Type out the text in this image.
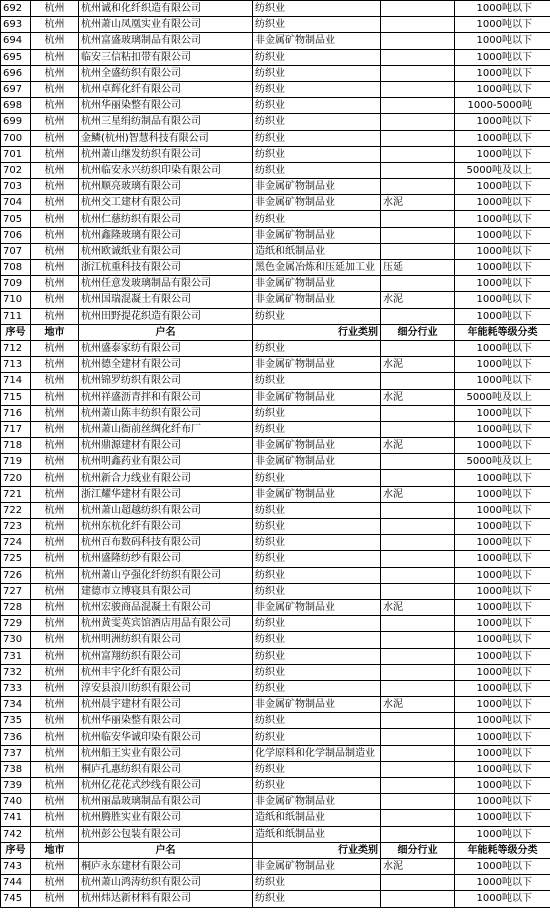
692	杭州	杭州诚和化纤织造有限公司	纺织业		1000吨以下
693	杭州	杭州萧山凤凰实业有限公司	纺织业		1000吨以下
694	杭州	杭州富盛玻璃制品有限公司	非金属矿物制品业		1000吨以下
695	杭州	临安三信粘扣带有限公司	纺织业		1000吨以下
696	杭州	杭州全盛纺织有限公司	纺织业		1000吨以下
697	杭州	杭州卓辉化纤有限公司	纺织业		1000吨以下
698	杭州	杭州华丽染整有限公司	纺织业		1000-5000吨
699	杭州	杭州三星绢纺制品有限公司	纺织业		1000吨以下
700	杭州	金鳞(杭州)智慧科技有限公司	纺织业		1000吨以下
701	杭州	杭州萧山继发纺织有限公司	纺织业		1000吨以下
702	杭州	杭州临安永兴纺织印染有限公司	纺织业		5000吨及以上
703	杭州	杭州顺亮玻璃有限公司	非金属矿物制品业		1000吨以下
704	杭州	杭州交工建材有限公司	非金属矿物制品业	水泥	1000吨以下
705	杭州	杭州仁慈纺织有限公司	纺织业		1000吨以下
706	杭州	杭州鑫隆玻璃有限公司	非金属矿物制品业		1000吨以下
707	杭州	杭州欧诚纸业有限公司	造纸和纸制品业		1000吨以下
708	杭州	浙江杭重科技有限公司	黑色金属冶炼和压延加工业	压延	1000吨以下
709	杭州	杭州任意发玻璃制品有限公司	非金属矿物制品业		1000吨以下
710	杭州	杭州国瑞混凝土有限公司	非金属矿物制品业	水泥	1000吨以下
711	杭州	杭州田野提花织造有限公司	纺织业		1000吨以下
序号	地市	户名	行业类别	细分行业	年能耗等级分类
712	杭州	杭州盛泰家纺有限公司	纺织业		1000吨以下
713	杭州	杭州德全建材有限公司	非金属矿物制品业	水泥	1000吨以下
714	杭州	杭州锦罗纺织有限公司	纺织业		1000吨以下
715	杭州	杭州祥盛沥青拌和有限公司	非金属矿物制品业	水泥	5000吨及以上
716	杭州	杭州萧山陈丰纺织有限公司	纺织业		1000吨以下
717	杭州	杭州萧山衙前丝绸化纤布厂	纺织业		1000吨以下
718	杭州	杭州鼎源建材有限公司	非金属矿物制品业	水泥	1000吨以下
719	杭州	杭州明鑫药业有限公司	非金属矿物制品业		5000吨及以上
720	杭州	杭州新合力线业有限公司	纺织业		1000吨以下
721	杭州	浙江耀华建材有限公司	非金属矿物制品业	水泥	1000吨以下
722	杭州	杭州萧山超越纺织有限公司	纺织业		1000吨以下
723	杭州	杭州东杭化纤有限公司	纺织业		1000吨以下
724	杭州	杭州百布数码科技有限公司	纺织业		1000吨以下
725	杭州	杭州盛隆纺纱有限公司	纺织业		1000吨以下
726	杭州	杭州萧山亨强化纤纺织有限公司	纺织业		1000吨以下
727	杭州	建德市立博寝具有限公司	纺织业		1000吨以下
728	杭州	杭州宏骏商品混凝土有限公司	非金属矿物制品业	水泥	1000吨以下
729	杭州	杭州黄雯英宾馆酒店用品有限公司	纺织业		1000吨以下
730	杭州	杭州明洲纺织有限公司	纺织业		1000吨以下
731	杭州	杭州富翔纺织有限公司	纺织业		1000吨以下
732	杭州	杭州丰宇化纤有限公司	纺织业		1000吨以下
733	杭州	淳安县浪川纺织有限公司	纺织业		1000吨以下
734	杭州	杭州晨宇建材有限公司	非金属矿物制品业	水泥	1000吨以下
735	杭州	杭州华丽染整有限公司	纺织业		1000吨以下
736	杭州	杭州临安华诚印染有限公司	纺织业		1000吨以下
737	杭州	杭州船王实业有限公司	化学原料和化学制品制造业		1000吨以下
738	杭州	桐庐孔惠纺织有限公司	纺织业		1000吨以下
739	杭州	杭州亿花花式纱线有限公司	纺织业		1000吨以下
740	杭州	杭州丽晶玻璃制品有限公司	非金属矿物制品业		1000吨以下
741	杭州	杭州腾胜实业有限公司	造纸和纸制品业		1000吨以下
742	杭州	杭州彭公包装有限公司	造纸和纸制品业		1000吨以下
序号	地市	户名	行业类别	细分行业	年能耗等级分类
743	杭州	桐庐永东建材有限公司	非金属矿物制品业	水泥	1000吨以下
744	杭州	杭州萧山鸿涛纺织有限公司	纺织业		1000吨以下
745	杭州	杭州炜达新材料有限公司	纺织业		1000吨以下
